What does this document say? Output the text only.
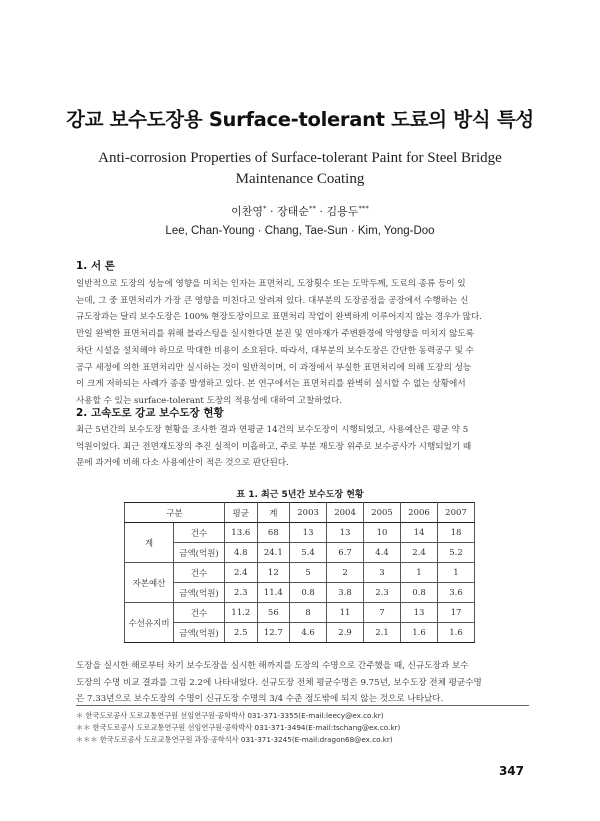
강교 보수도장용 Surface-tolerant 도료의 방식 특성
Anti-corrosion Properties of Surface-tolerant Paint for Steel Bridge
Maintenance Coating
이찬영* · 장태순** · 김용두***
Lee, Chan-Young · Chang, Tae-Sun · Kim, Yong-Doo
1. 서 론
일반적으로 도장의 성능에 영향을 미치는 인자는 표면처리, 도장횟수 또는 도막두께, 도료의 종류 등이 있
는데, 그 중 표면처리가 가장 큰 영향을 미친다고 알려져 있다. 대부분의 도장공정을 공장에서 수행하는 신
규도장과는 달리 보수도장은 100% 현장도장이므로 표면처리 작업이 완벽하게 이루어지지 않는 경우가 많다.
만일 완벽한 표면처리를 위해 블라스팅을 실시한다면 분진 및 연마재가 주변환경에 악영향을 미치지 않도록
차단 시설을 설치해야 하므로 막대한 비용이 소요된다. 따라서, 대부분의 보수도장은 간단한 동력공구 및 수
공구 세정에 의한 표면처리만 실시하는 것이 일반적이며, 이 과정에서 부실한 표면처리에 의해 도장의 성능
이 크게 저하되는 사례가 종종 발생하고 있다. 본 연구에서는 표면처리를 완벽히 실시할 수 없는 상황에서
사용할 수 있는 surface-tolerant 도장의 적용성에 대하여 고찰하였다.
2. 고속도로 강교 보수도장 현황
최근 5년간의 보수도장 현황을 조사한 결과 연평균 14건의 보수도장이 시행되었고, 사용예산은 평균 약 5
억원이었다. 최근 전면재도장의 추진 실적이 미흡하고, 주로 부분 재도장 위주로 보수공사가 시행되었기 때
문에 과거에 비해 다소 사용예산이 적은 것으로 판단된다.
표 1. 최근 5년간 보수도장 현황
구분		평균	계	2003	2004	2005	2006	2007
계	건수	13.6	68	13	13	10	14	18
	금액(억원)	4.8	24.1	5.4	6.7	4.4	2.4	5.2
자본예산	건수	2.4	12	5	2	3	1	1
	금액(억원)	2.3	11.4	0.8	3.8	2.3	0.8	3.6
수선유지비	건수	11.2	56	8	11	7	13	17
	금액(억원)	2.5	12.7	4.6	2.9	2.1	1.6	1.6
도장을 실시한 해로부터 차기 보수도장을 실시한 해까지를 도장의 수명으로 간주했을 때, 신규도장과 보수
도장의 수명 비교 결과를 그림 2.2에 나타내었다. 신규도장 전체 평균수명은 9.75년, 보수도장 전체 평균수명
은 7.33년으로 보수도장의 수명이 신규도장 수명의 3/4 수준 정도밖에 되지 않는 것으로 나타났다.
＊ 한국도로공사 도로교통연구원 선임연구원·공학박사 031-371-3355(E-mail:leecy@ex.co.kr)
＊＊ 한국도로공사 도로교통연구원 선임연구원·공학박사 031-371-3494(E-mail:tschang@ex.co.kr)
＊＊＊ 한국도로공사 도로교통연구원 과장·공학석사 031-371-3245(E-mail:dragon68@ex.co.kr)
347
